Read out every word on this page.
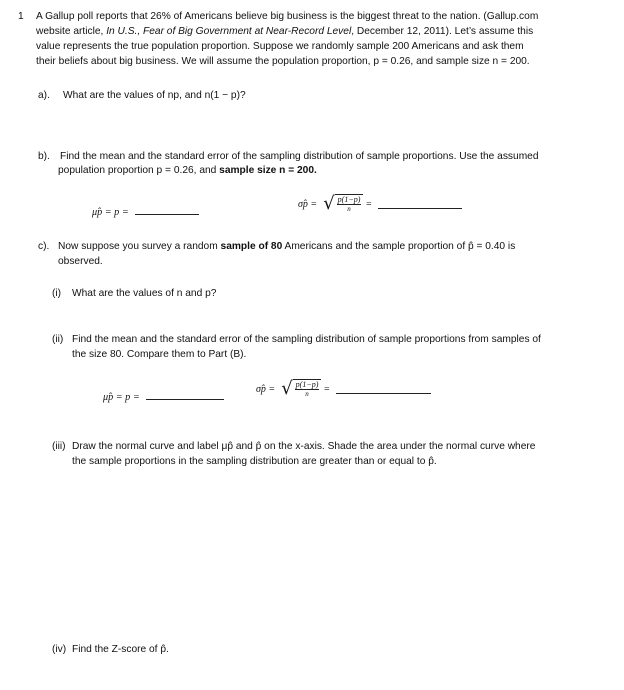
1 A Gallup poll reports that 26% of Americans believe big business is the biggest threat to the nation. (Gallup.com
website article, In U.S., Fear of Big Government at Near-Record Level, December 12, 2011). Let’s assume this
value represents the true population proportion. Suppose we randomly sample 200 Americans and ask them
their beliefs about big business. We will assume the population proportion, p = 0.26, and sample size n = 200.
a). What are the values of np, and n(1 − p)?
b). Find the mean and the standard error of the sampling distribution of sample proportions. Use the assumed
population proportion p = 0.26, and sample size n = 200.
μp̂ = p =
σp̂ = √ $\frac{p(1-p)}{n}$ =
c). Now suppose you survey a random sample of 80 Americans and the sample proportion of p̂ = 0.40 is
observed.
(i) What are the values of n and p?
(ii) Find the mean and the standard error of the sampling distribution of sample proportions from samples of
the size 80. Compare them to Part (B).
μp̂ = p =
σp̂ = √ $\frac{p(1-p)}{n}$ =
(iii) Draw the normal curve and label μp̂ and p̂ on the x-axis. Shade the area under the normal curve where
the sample proportions in the sampling distribution are greater than or equal to p̂.
(iv) Find the Z-score of p̂.
